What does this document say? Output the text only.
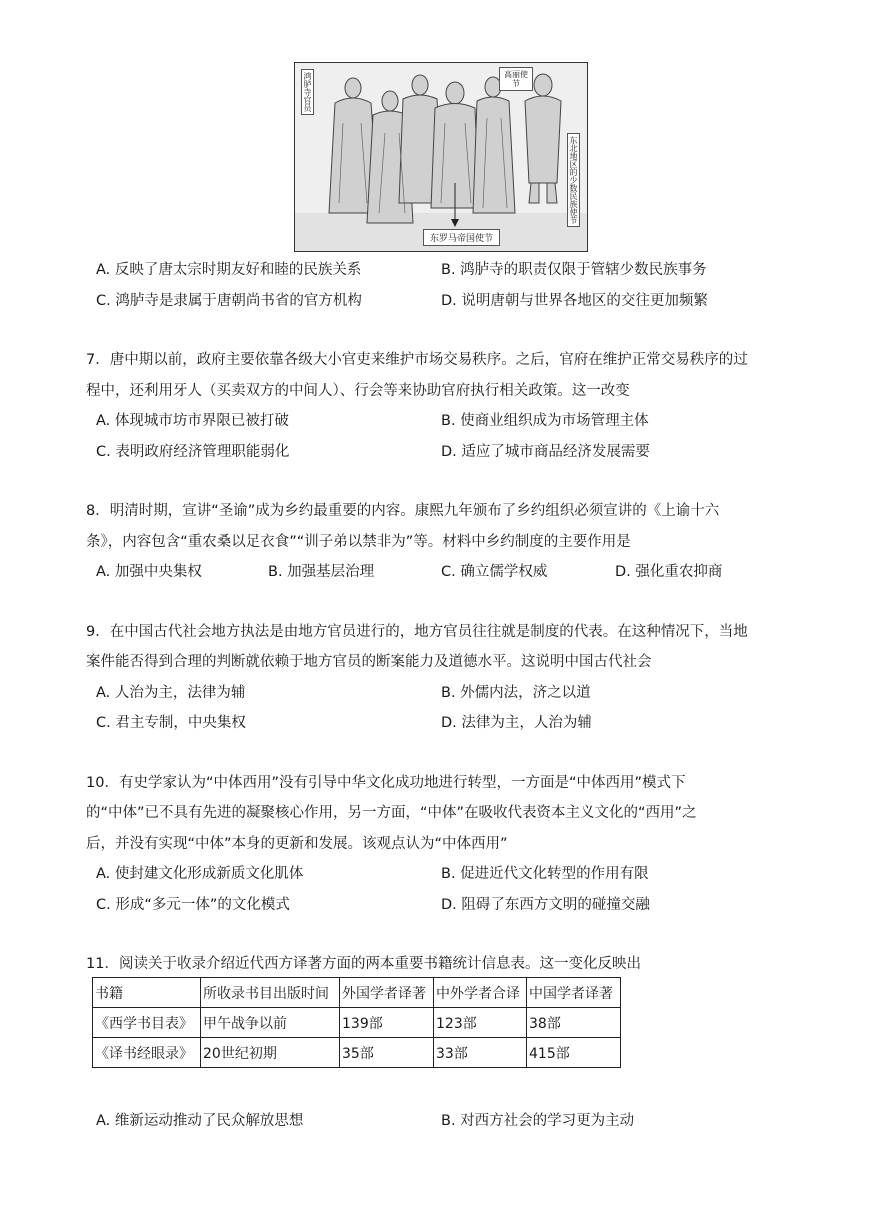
鸿胪寺官员	高丽使节
东北地区的少数民族使节
东罗马帝国使节
A. 反映了唐太宗时期友好和睦的民族关系	B. 鸿胪寺的职责仅限于管辖少数民族事务
C. 鸿胪寺是隶属于唐朝尚书省的官方机构	D. 说明唐朝与世界各地区的交往更加频繁
7．唐中期以前，政府主要依靠各级大小官吏来维护市场交易秩序。之后，官府在维护正常交易秩序的过
程中，还利用牙人（买卖双方的中间人）、行会等来协助官府执行相关政策。这一改变
A. 体现城市坊市界限已被打破	B. 使商业组织成为市场管理主体
C. 表明政府经济管理职能弱化	D. 适应了城市商品经济发展需要
8．明清时期，宣讲“圣谕”成为乡约最重要的内容。康熙九年颁布了乡约组织必须宣讲的《上谕十六
条》，内容包含“重农桑以足衣食”“训子弟以禁非为”等。材料中乡约制度的主要作用是
A. 加强中央集权	B. 加强基层治理	C. 确立儒学权威	D. 强化重农抑商
9．在中国古代社会地方执法是由地方官员进行的，地方官员往往就是制度的代表。在这种情况下，当地
案件能否得到合理的判断就依赖于地方官员的断案能力及道德水平。这说明中国古代社会
A. 人治为主，法律为辅	B. 外儒内法，济之以道
C. 君主专制，中央集权	D. 法律为主，人治为辅
10．有史学家认为“中体西用”没有引导中华文化成功地进行转型，一方面是“中体西用”模式下
的“中体”已不具有先进的凝聚核心作用，另一方面，“中体”在吸收代表资本主义文化的“西用”之
后，并没有实现“中体”本身的更新和发展。该观点认为“中体西用”
A. 使封建文化形成新质文化肌体	B. 促进近代文化转型的作用有限
C. 形成“多元一体”的文化模式	D. 阻碍了东西方文明的碰撞交融
11．阅读关于收录介绍近代西方译著方面的两本重要书籍统计信息表。这一变化反映出
书籍	所收录书目出版时间	外国学者译著	中外学者合译	中国学者译著
《西学书目表》	甲午战争以前	139部	123部	38部
《译书经眼录》	20世纪初期	35部	33部	415部
A. 维新运动推动了民众解放思想	B. 对西方社会的学习更为主动
